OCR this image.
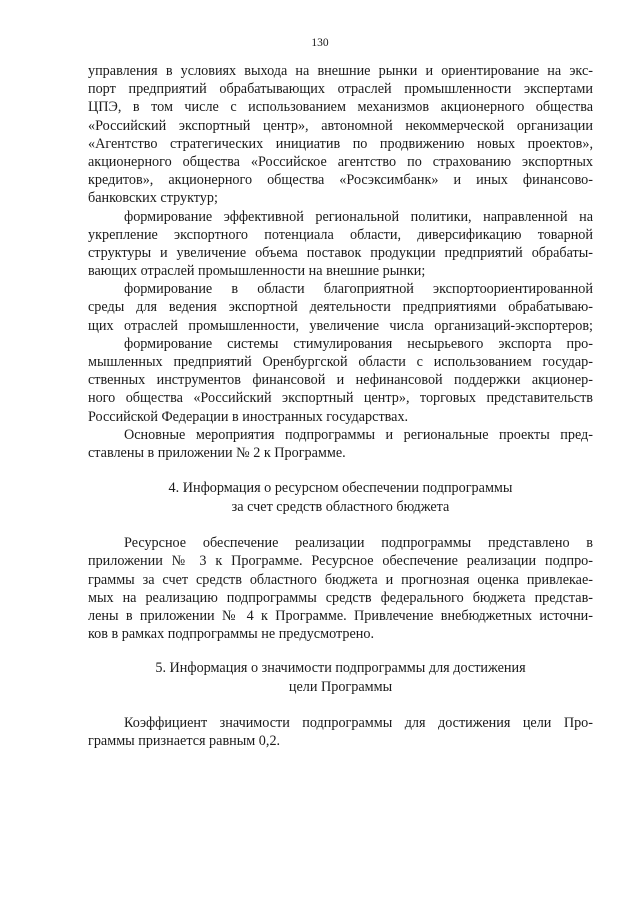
130
управления в условиях выхода на внешние рынки и ориентирование на экс-
порт предприятий обрабатывающих отраслей промышленности экспертами
ЦПЭ, в том числе с использованием механизмов акционерного общества
«Российский экспортный центр», автономной некоммерческой организации
«Агентство стратегических инициатив по продвижению новых проектов»,
акционерного общества «Российское агентство по страхованию экспортных
кредитов», акционерного общества «Росэксимбанк» и иных финансово-
банковских структур;
формирование эффективной региональной политики, направленной на
укрепление экспортного потенциала области, диверсификацию товарной
структуры и увеличение объема поставок продукции предприятий обрабаты-
вающих отраслей промышленности на внешние рынки;
формирование в области благоприятной экспортоориентированной
среды для ведения экспортной деятельности предприятиями обрабатываю-
щих отраслей промышленности, увеличение числа организаций-экспортеров;
формирование системы стимулирования несырьевого экспорта про-
мышленных предприятий Оренбургской области с использованием государ-
ственных инструментов финансовой и нефинансовой поддержки акционер-
ного общества «Российский экспортный центр», торговых представительств
Российской Федерации в иностранных государствах.
Основные мероприятия подпрограммы и региональные проекты пред-
ставлены в приложении № 2 к Программе.
4. Информация о ресурсном обеспечении подпрограммы
за счет средств областного бюджета
Ресурсное обеспечение реализации подпрограммы представлено в
приложении № 3 к Программе. Ресурсное обеспечение реализации подпро-
граммы за счет средств областного бюджета и прогнозная оценка привлекае-
мых на реализацию подпрограммы средств федерального бюджета представ-
лены в приложении № 4 к Программе. Привлечение внебюджетных источни-
ков в рамках подпрограммы не предусмотрено.
5. Информация о значимости подпрограммы для достижения
цели Программы
Коэффициент значимости подпрограммы для достижения цели Про-
граммы признается равным 0,2.
